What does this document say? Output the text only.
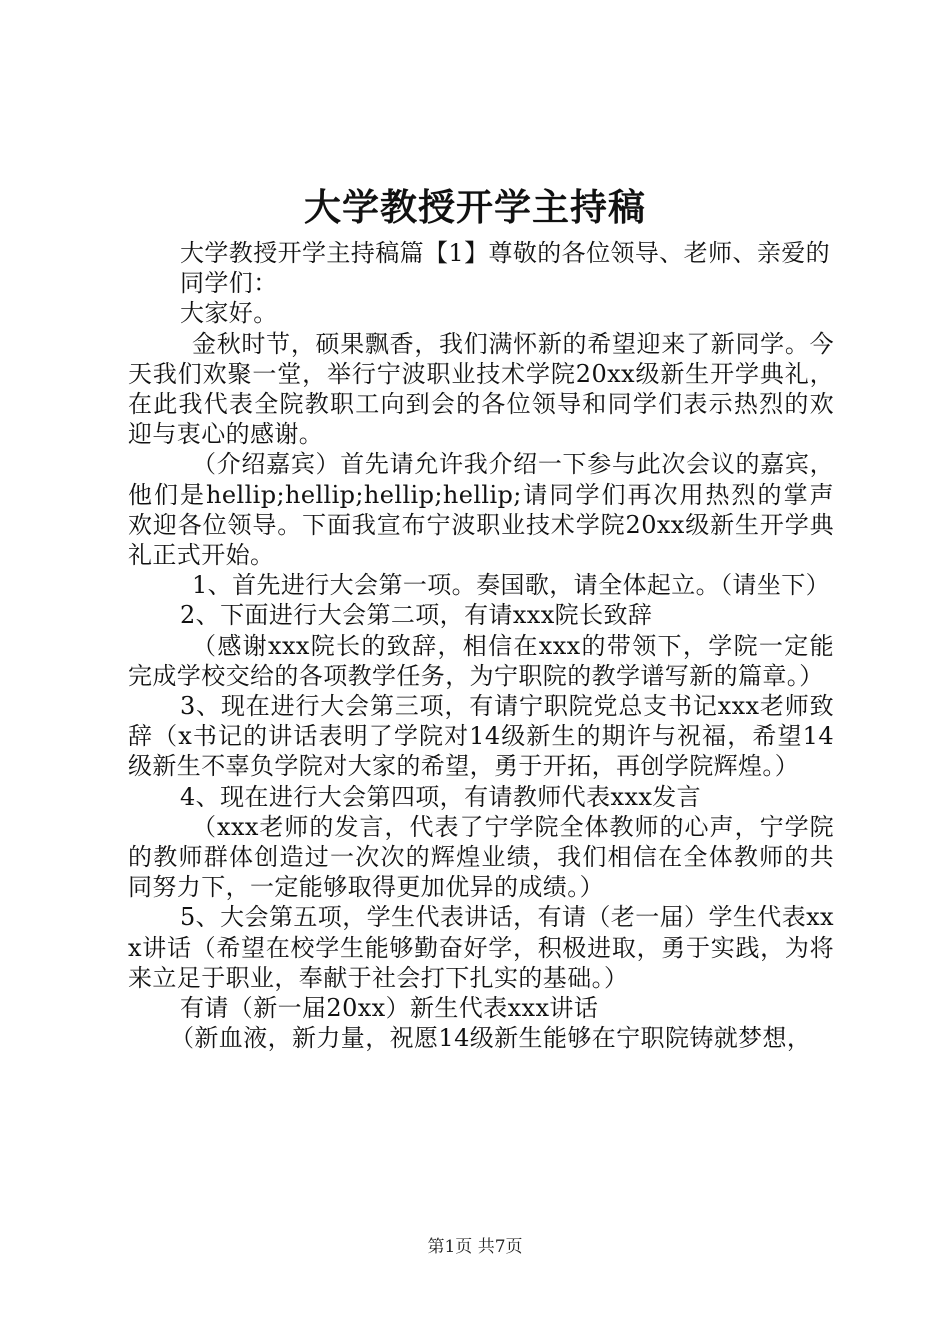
大学教授开学主持稿

大学教授开学主持稿篇【1】尊敬的各位领导、老师、亲爱的

同学们：

大家好。

金秋时节，硕果飘香，我们满怀新的希望迎来了新同学。今天我们欢聚一堂，举行宁波职业技术学院20xx级新生开学典礼，在此我代表全院教职工向到会的各位领导和同学们表示热烈的欢迎与衷心的感谢。

（介绍嘉宾）首先请允许我介绍一下参与此次会议的嘉宾，他们是hellip;hellip;hellip;hellip;请同学们再次用热烈的掌声欢迎各位领导。下面我宣布宁波职业技术学院20xx级新生开学典礼正式开始。

1、首先进行大会第一项。奏国歌，请全体起立。（请坐下）

2、下面进行大会第二项，有请xxx院长致辞

（感谢xxx院长的致辞，相信在xxx的带领下，学院一定能完成学校交给的各项教学任务，为宁职院的教学谱写新的篇章。）

3、现在进行大会第三项，有请宁职院党总支书记xxx老师致辞（x书记的讲话表明了学院对14级新生的期许与祝福，希望14级新生不辜负学院对大家的希望，勇于开拓，再创学院辉煌。）

4、现在进行大会第四项，有请教师代表xxx发言

（xxx老师的发言，代表了宁学院全体教师的心声，宁学院的教师群体创造过一次次的辉煌业绩，我们相信在全体教师的共同努力下，一定能够取得更加优异的成绩。）

5、大会第五项，学生代表讲话，有请（老一届）学生代表xxx讲话（希望在校学生能够勤奋好学，积极进取，勇于实践，为将来立足于职业，奉献于社会打下扎实的基础。）

有请（新一届20xx）新生代表xxx讲话

（新血液，新力量，祝愿14级新生能够在宁职院铸就梦想，

第1页 共7页
